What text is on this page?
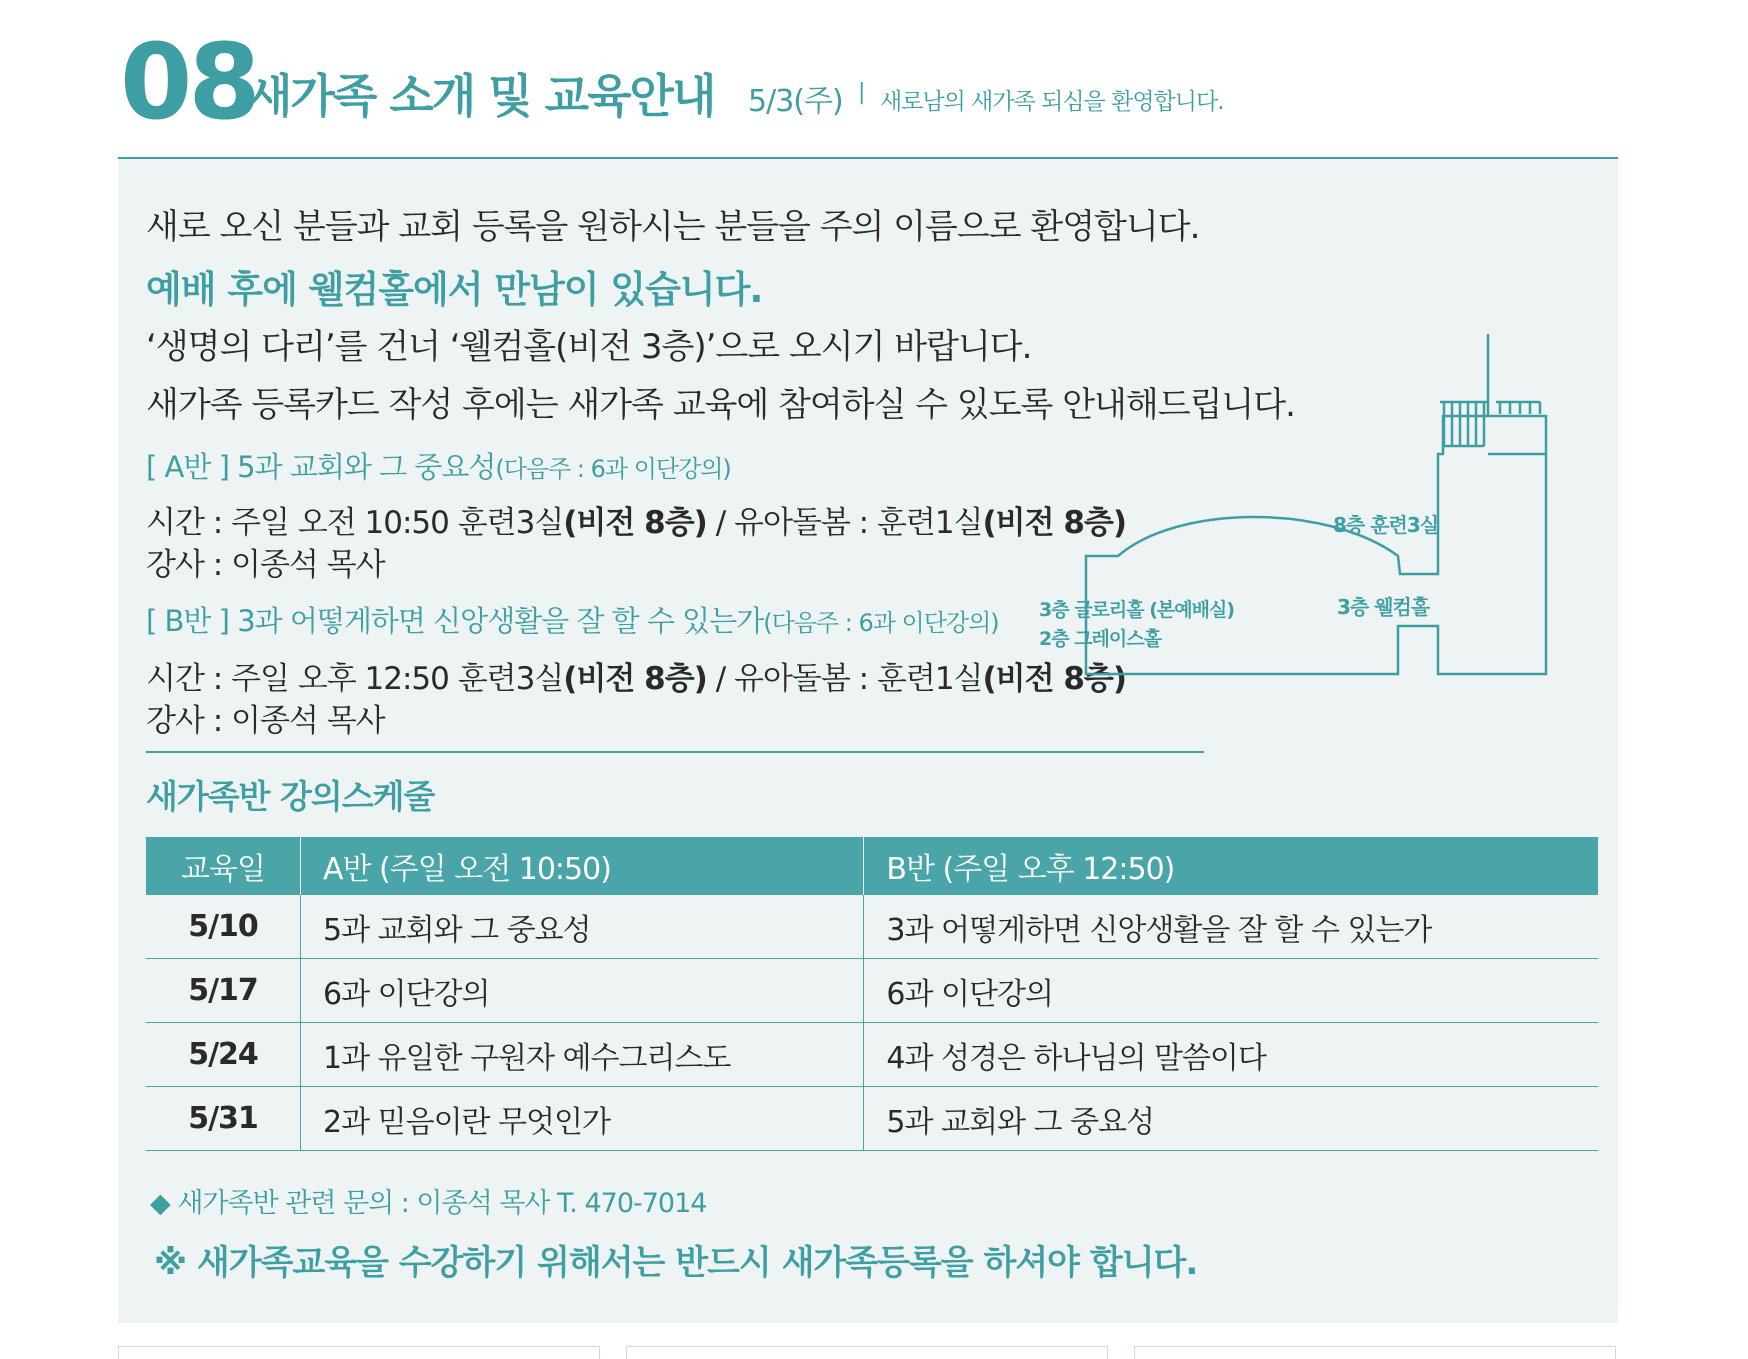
08
새가족 소개 및 교육안내 5/3(주) | 새로남의 새가족 되심을 환영합니다.
새로 오신 분들과 교회 등록을 원하시는 분들을 주의 이름으로 환영합니다.
예배 후에 웰컴홀에서 만남이 있습니다.
‘생명의 다리’를 건너 ‘웰컴홀(비전 3층)’으로 오시기 바랍니다.
새가족 등록카드 작성 후에는 새가족 교육에 참여하실 수 있도록 안내해드립니다.
[ A반 ] 5과 교회와 그 중요성(다음주 : 6과 이단강의)
시간 : 주일 오전 10:50 훈련3실(비전 8층) / 유아돌봄 : 훈련1실(비전 8층)
강사 : 이종석 목사
[ B반 ] 3과 어떻게하면 신앙생활을 잘 할 수 있는가(다음주 : 6과 이단강의)
시간 : 주일 오후 12:50 훈련3실(비전 8층) / 유아돌봄 : 훈련1실(비전 8층)
강사 : 이종석 목사
8층 훈련3실
3층 웰컴홀
3층 글로리홀 (본예배실)
2층 그레이스홀
새가족반 강의스케줄
교육일	A반 (주일 오전 10:50)	B반 (주일 오후 12:50)
5/10	5과 교회와 그 중요성	3과 어떻게하면 신앙생활을 잘 할 수 있는가
5/17	6과 이단강의	6과 이단강의
5/24	1과 유일한 구원자 예수그리스도	4과 성경은 하나님의 말씀이다
5/31	2과 믿음이란 무엇인가	5과 교회와 그 중요성
◆ 새가족반 관련 문의 : 이종석 목사 T. 470-7014
※ 새가족교육을 수강하기 위해서는 반드시 새가족등록을 하셔야 합니다.
